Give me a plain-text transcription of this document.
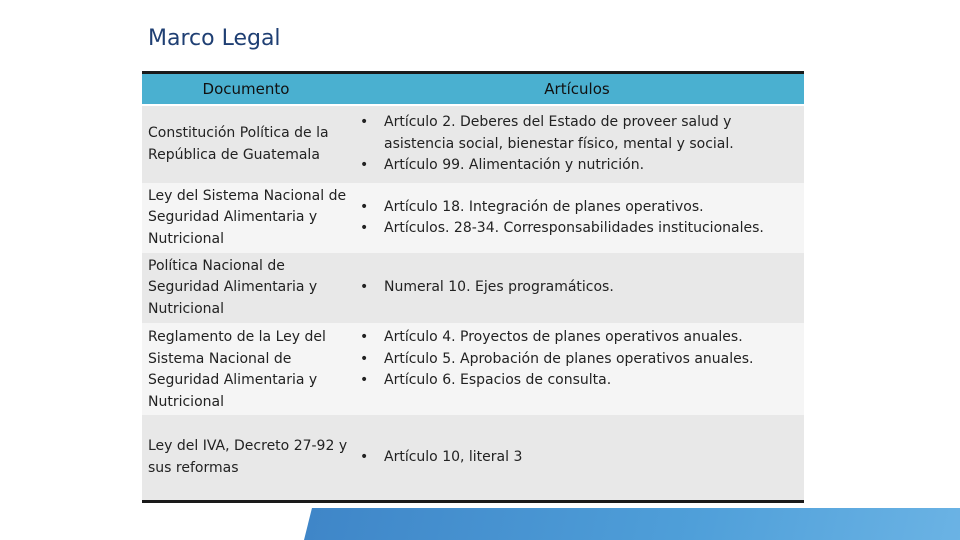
Marco Legal
Documento	Artículos
Constitución Política de la República de Guatemala
• Artículo 2. Deberes del Estado de proveer salud y asistencia social, bienestar físico, mental y social.
• Artículo 99. Alimentación y nutrición.
Ley del Sistema Nacional de Seguridad Alimentaria y Nutricional
• Artículo 18. Integración de planes operativos.
• Artículos. 28-34. Corresponsabilidades institucionales.
Política Nacional de Seguridad Alimentaria y Nutricional
• Numeral 10. Ejes programáticos.
Reglamento de la Ley del Sistema Nacional de Seguridad Alimentaria y Nutricional
• Artículo 4. Proyectos de planes operativos anuales.
• Artículo 5. Aprobación de planes operativos anuales.
• Artículo 6. Espacios de consulta.
Ley del IVA, Decreto 27-92 y sus reformas
• Artículo 10, literal 3
